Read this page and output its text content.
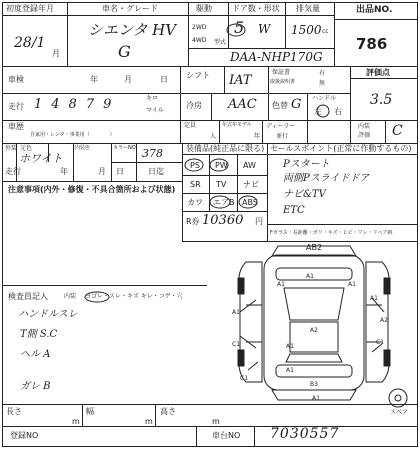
初度登録年月
28/1
月
車名・グレード
シエンタ HV
G
駆動	ドア数・形状 排気量
2WD
4WD
5 W 1500 cc
型式
DAA-NHP170G
出品NO.
786
車検	年	月	日 シフト IAT
保証書
取扱説明書
有
無
評価点
3.5
走行 14879	キロ
マイル
冷房 AAC 色替 G ハンドル
左 右
車歴
自家用・レンタ・事業用（　　　　）
定員
人
年式年モデル
年
ディーラー
並行
内装
評価 C
外装 元色
ホワイト
内装色	カラーNO 378
走行	年	月	日迄
日
注意事項(内外・修復・不具合箇所および状態)
装備品(純正品に限る)
PS PW AW
SR TV ナビ
カワ エアB ABS
R券 10360 円
セールスポイント(正常に作動するもの)
Pスタート
両側Pスライドドア
ナビ&TV
ETC
Fガラス・長距離・ガリ・キズ・ヒビ・ワレ・リペア跡
検査員記入	内装 ヨゴレ・スレ・キズ キレ・コゲ・穴
ハンドルスレ
T側 S.C
ヘル A
ガレ B
長さ
m
幅
m
高さ
m
登録NO	車台NO 7030557
AB2
A1
A1	A1
A1
A2
A2
A1
A1
C1	C1
C1
B3
A1
A1
スペア
